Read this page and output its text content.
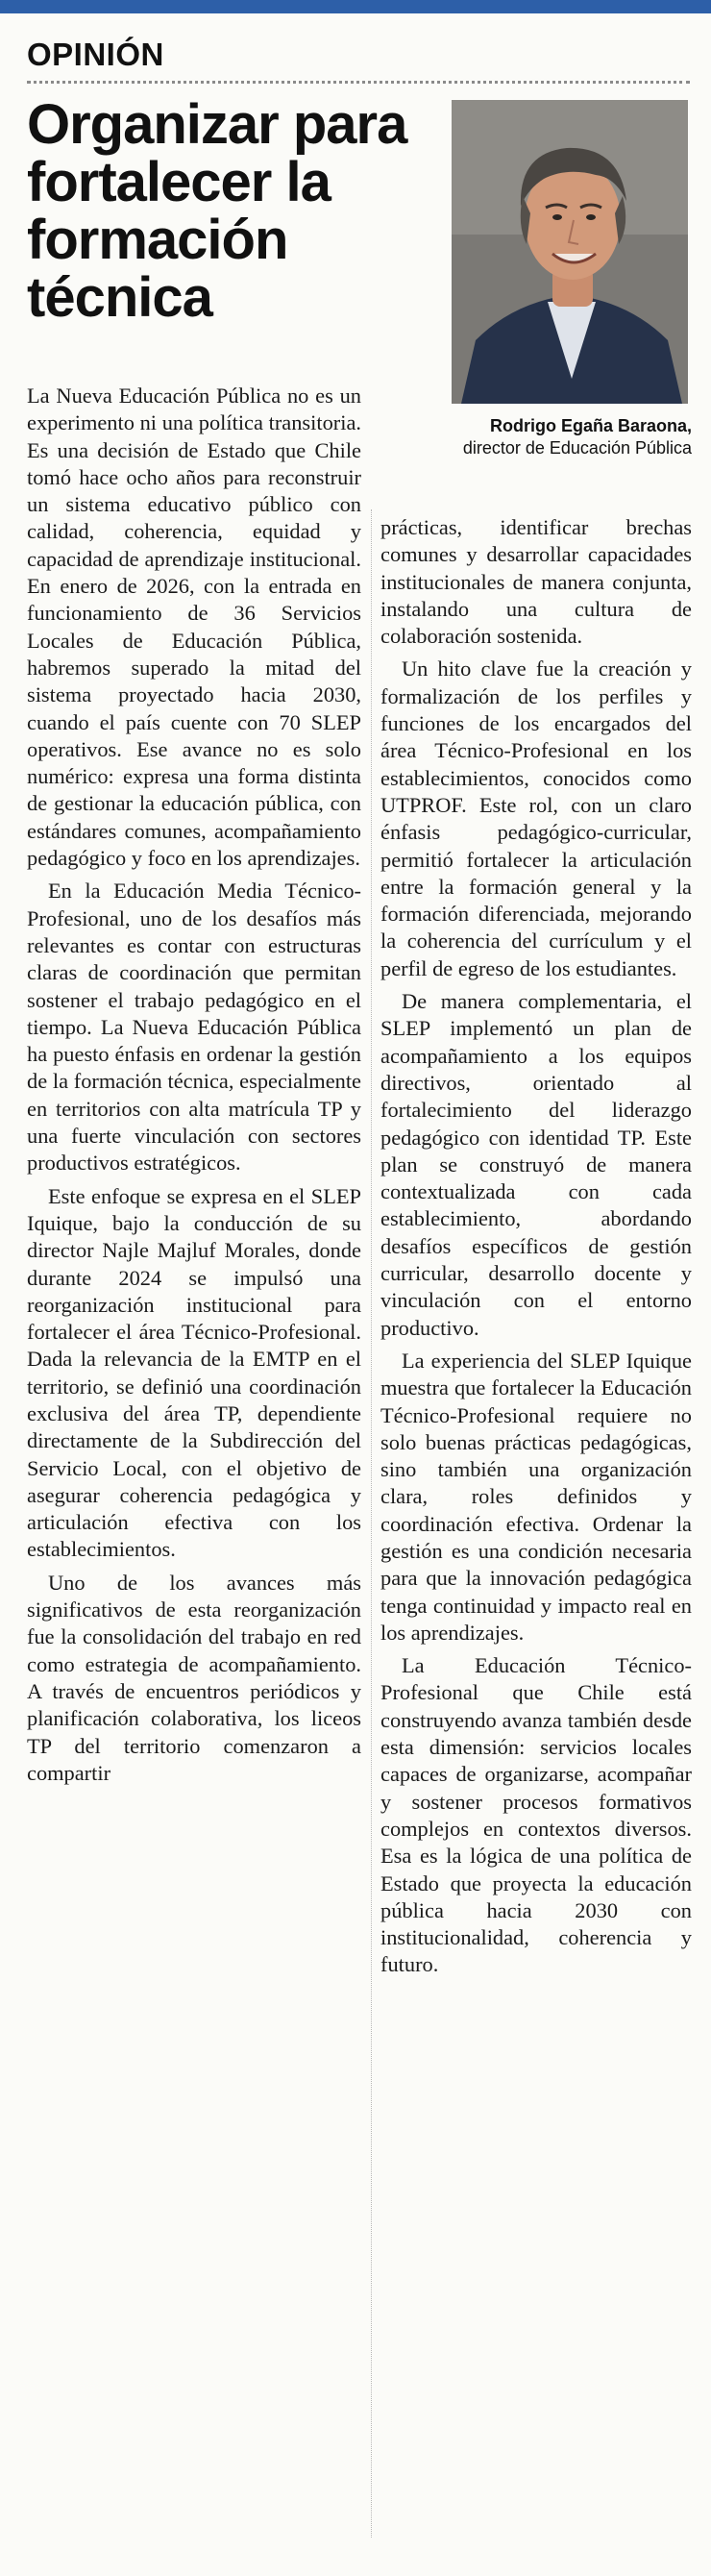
OPINIÓN
Organizar para fortalecer la formación técnica
Rodrigo Egaña Baraona,
director de Educación Pública

La Nueva Educación Pública no es un experimento ni una política transitoria. Es una decisión de Estado que Chile tomó hace ocho años para reconstruir un sistema educativo público con calidad, coherencia, equidad y capacidad de aprendizaje institucional. En enero de 2026, con la entrada en funcionamiento de 36 Servicios Locales de Educación Pública, habremos superado la mitad del sistema proyectado hacia 2030, cuando el país cuente con 70 SLEP operativos. Ese avance no es solo numérico: expresa una forma distinta de gestionar la educación pública, con estándares comunes, acompañamiento pedagógico y foco en los aprendizajes.

En la Educación Media Técnico-Profesional, uno de los desafíos más relevantes es contar con estructuras claras de coordinación que permitan sostener el trabajo pedagógico en el tiempo. La Nueva Educación Pública ha puesto énfasis en ordenar la gestión de la formación técnica, especialmente en territorios con alta matrícula TP y una fuerte vinculación con sectores productivos estratégicos.

Este enfoque se expresa en el SLEP Iquique, bajo la conducción de su director Najle Majluf Morales, donde durante 2024 se impulsó una reorganización institucional para fortalecer el área Técnico-Profesional. Dada la relevancia de la EMTP en el territorio, se definió una coordinación exclusiva del área TP, dependiente directamente de la Subdirección del Servicio Local, con el objetivo de asegurar coherencia pedagógica y articulación efectiva con los establecimientos.

Uno de los avances más significativos de esta reorganización fue la consolidación del trabajo en red como estrategia de acompañamiento. A través de encuentros periódicos y planificación colaborativa, los liceos TP del territorio comenzaron a compartir

prácticas, identificar brechas comunes y desarrollar capacidades institucionales de manera conjunta, instalando una cultura de colaboración sostenida.

Un hito clave fue la creación y formalización de los perfiles y funciones de los encargados del área Técnico-Profesional en los establecimientos, conocidos como UTPROF. Este rol, con un claro énfasis pedagógico-curricular, permitió fortalecer la articulación entre la formación general y la formación diferenciada, mejorando la coherencia del currículum y el perfil de egreso de los estudiantes.

De manera complementaria, el SLEP implementó un plan de acompañamiento a los equipos directivos, orientado al fortalecimiento del liderazgo pedagógico con identidad TP. Este plan se construyó de manera contextualizada con cada establecimiento, abordando desafíos específicos de gestión curricular, desarrollo docente y vinculación con el entorno productivo.

La experiencia del SLEP Iquique muestra que fortalecer la Educación Técnico-Profesional requiere no solo buenas prácticas pedagógicas, sino también una organización clara, roles definidos y coordinación efectiva. Ordenar la gestión es una condición necesaria para que la innovación pedagógica tenga continuidad y impacto real en los aprendizajes.

La Educación Técnico-Profesional que Chile está construyendo avanza también desde esta dimensión: servicios locales capaces de organizarse, acompañar y sostener procesos formativos complejos en contextos diversos. Esa es la lógica de una política de Estado que proyecta la educación pública hacia 2030 con institucionalidad, coherencia y futuro.
